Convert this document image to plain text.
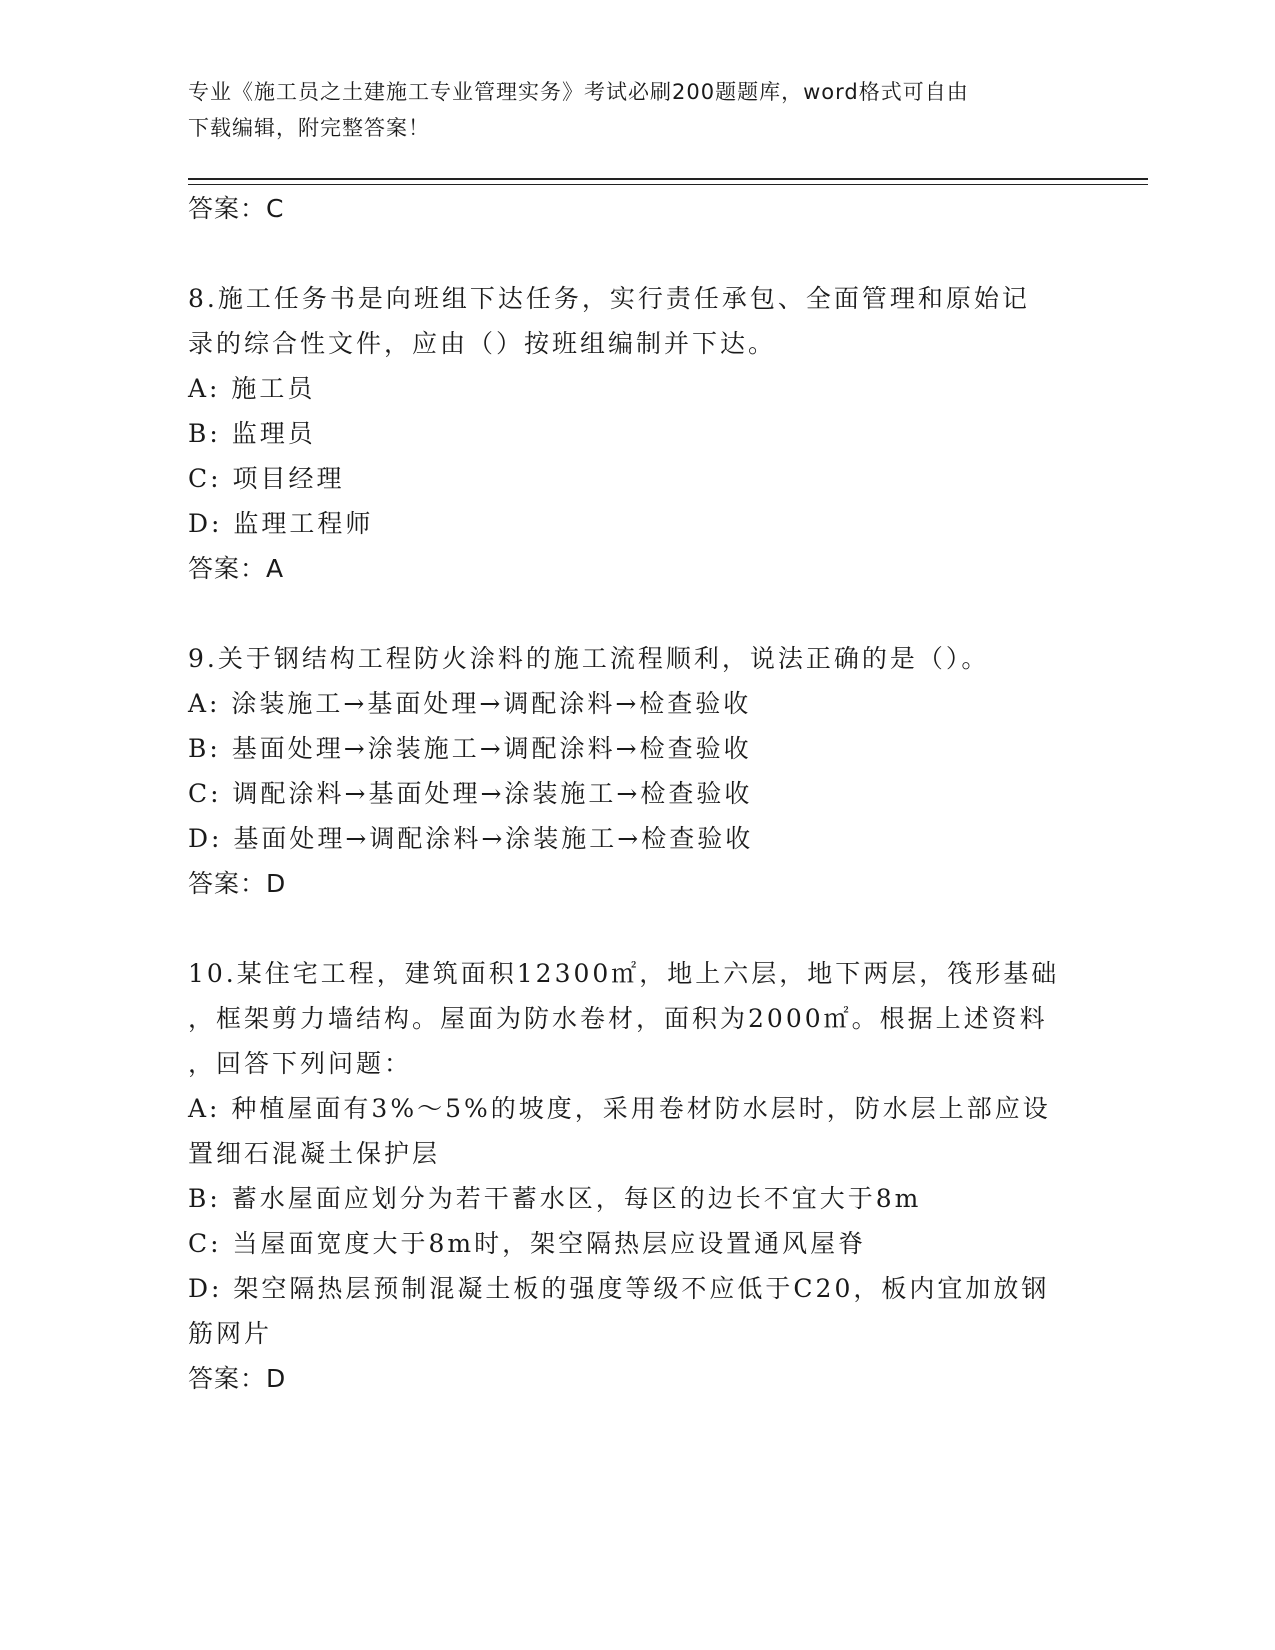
专业《施工员之土建施工专业管理实务》考试必刷200题题库，word格式可自由
下载编辑，附完整答案！
答案：C
8.施工任务书是向班组下达任务，实行责任承包、全面管理和原始记
录的综合性文件，应由（）按班组编制并下达。
A: 施工员
B: 监理员
C: 项目经理
D: 监理工程师
答案：A
9.关于钢结构工程防火涂料的施工流程顺利，说法正确的是（）。
A: 涂装施工→基面处理→调配涂料→检查验收
B: 基面处理→涂装施工→调配涂料→检查验收
C: 调配涂料→基面处理→涂装施工→检查验收
D: 基面处理→调配涂料→涂装施工→检查验收
答案：D
10.某住宅工程，建筑面积12300㎡，地上六层，地下两层，筏形基础
，框架剪力墙结构。屋面为防水卷材，面积为2000㎡。根据上述资料
，回答下列问题：
A: 种植屋面有3%～5%的坡度，采用卷材防水层时，防水层上部应设
置细石混凝土保护层
B: 蓄水屋面应划分为若干蓄水区，每区的边长不宜大于8m
C: 当屋面宽度大于8m时，架空隔热层应设置通风屋脊
D: 架空隔热层预制混凝土板的强度等级不应低于C20，板内宜加放钢
筋网片
答案：D
